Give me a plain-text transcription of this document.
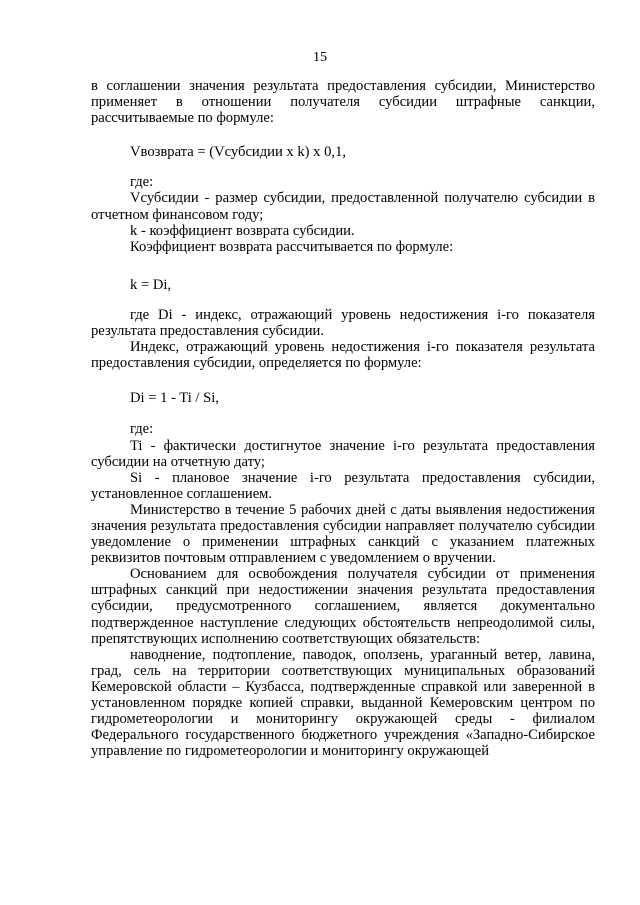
15

в соглашении значения результата предоставления субсидии, Министерство применяет в отношении получателя субсидии штрафные санкции, рассчитываемые по формуле:

Vвозврата = (Vсубсидии x k) x 0,1,

где:

Vсубсидии - размер субсидии, предоставленной получателю субсидии в отчетном финансовом году;

k - коэффициент возврата субсидии.

Коэффициент возврата рассчитывается по формуле:

k = Di,

где Di - индекс, отражающий уровень недостижения i-го показателя результата предоставления субсидии.

Индекс, отражающий уровень недостижения i-го показателя результата предоставления субсидии, определяется по формуле:

Di = 1 - Ti / Si,

где:

Ti - фактически достигнутое значение i-го результата предоставления субсидии на отчетную дату;

Si - плановое значение i-го результата предоставления субсидии, установленное соглашением.

Министерство в течение 5 рабочих дней с даты выявления недостижения значения результата предоставления субсидии направляет получателю субсидии уведомление о применении штрафных санкций с указанием платежных реквизитов почтовым отправлением с уведомлением о вручении.

Основанием для освобождения получателя субсидии от применения штрафных санкций при недостижении значения результата предоставления субсидии, предусмотренного соглашением, является документально подтвержденное наступление следующих обстоятельств непреодолимой силы, препятствующих исполнению соответствующих обязательств:

наводнение, подтопление, паводок, оползень, ураганный ветер, лавина, град, сель на территории соответствующих муниципальных образований Кемеровской области – Кузбасса, подтвержденные справкой или заверенной в установленном порядке копией справки, выданной Кемеровским центром по гидрометеорологии и мониторингу окружающей среды - филиалом Федерального государственного бюджетного учреждения «Западно-Сибирское управление по гидрометеорологии и мониторингу окружающей
